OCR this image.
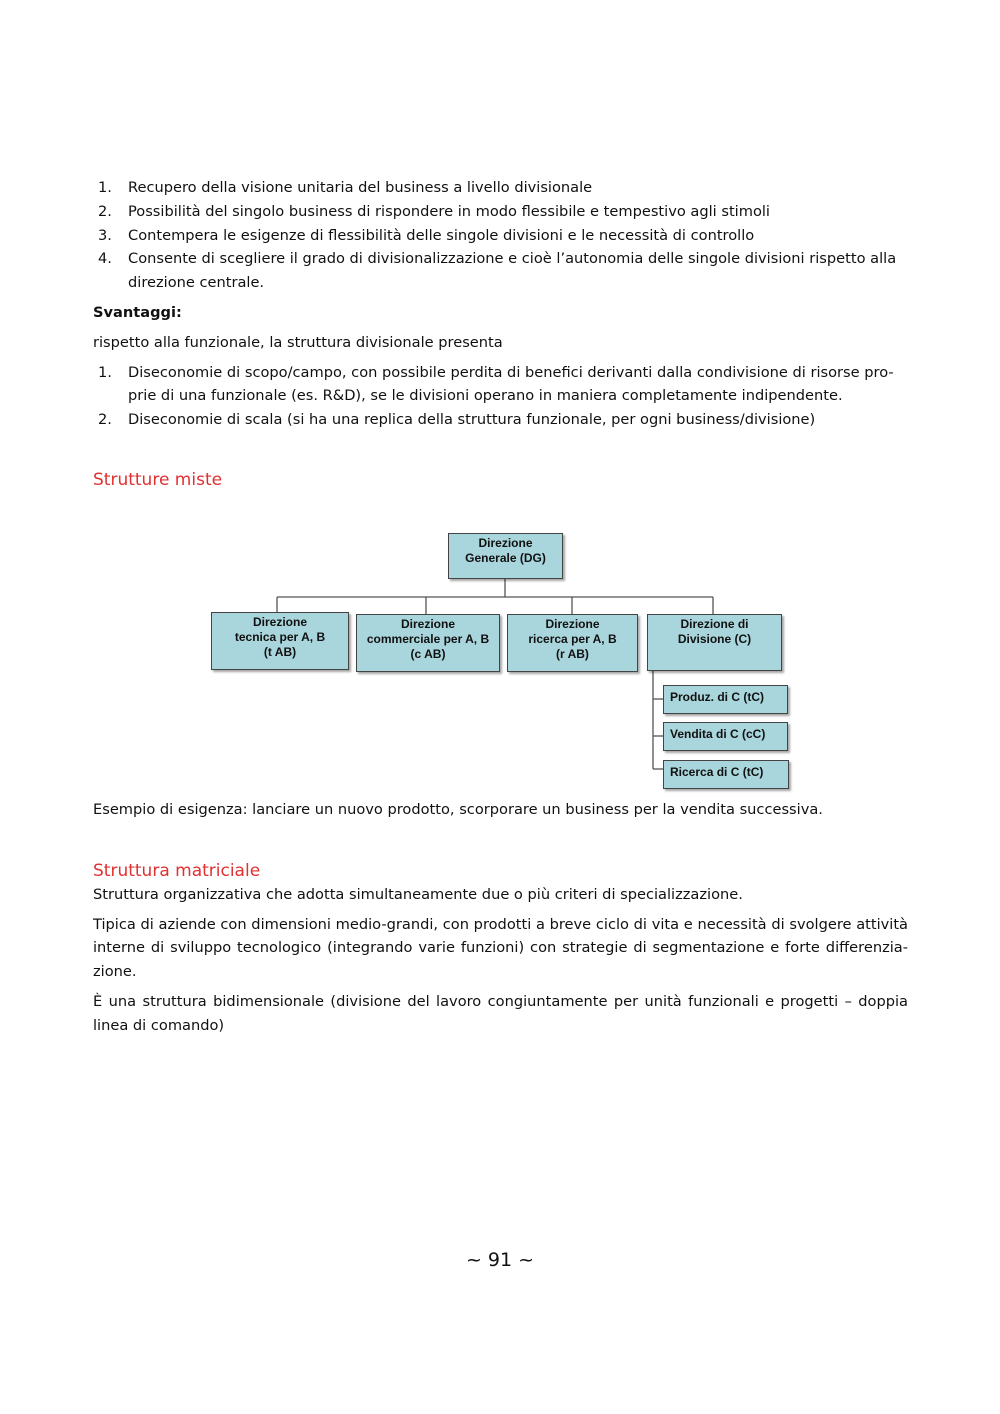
1. Recupero della visione unitaria del business a livello divisionale
2. Possibilità del singolo business di rispondere in modo flessibile e tempestivo agli stimoli
3. Contempera le esigenze di flessibilità delle singole divisioni e le necessità di controllo
4. Consente di scegliere il grado di divisionalizzazione e cioè l’autonomia delle singole divisioni rispetto alla direzione centrale.

Svantaggi:

rispetto alla funzionale, la struttura divisionale presenta

1. Diseconomie di scopo/campo, con possibile perdita di benefici derivanti dalla condivisione di risorse pro-prie di una funzionale (es. R&D), se le divisioni operano in maniera completamente indipendente.
2. Diseconomie di scala (si ha una replica della struttura funzionale, per ogni business/divisione)

Strutture miste

Esempio di esigenza: lanciare un nuovo prodotto, scorporare un business per la vendita successiva.

Struttura matriciale

Struttura organizzativa che adotta simultaneamente due o più criteri di specializzazione.

Tipica di aziende con dimensioni medio-grandi, con prodotti a breve ciclo di vita e necessità di svolgere attività interne di sviluppo tecnologico (integrando varie funzioni) con strategie di segmentazione e forte differenzia-zione.

È una struttura bidimensionale (divisione del lavoro congiuntamente per unità funzionali e progetti – doppia linea di comando)

Direzione
Generale (DG)
Direzione
tecnica per A, B
(t AB)
Direzione
commerciale per A, B
(c AB)
Direzione
ricerca per A, B
(r AB)
Direzione di
Divisione (C)
Produz. di C (tC)
Vendita di C (cC)
Ricerca di C (tC)
~ 91 ~
